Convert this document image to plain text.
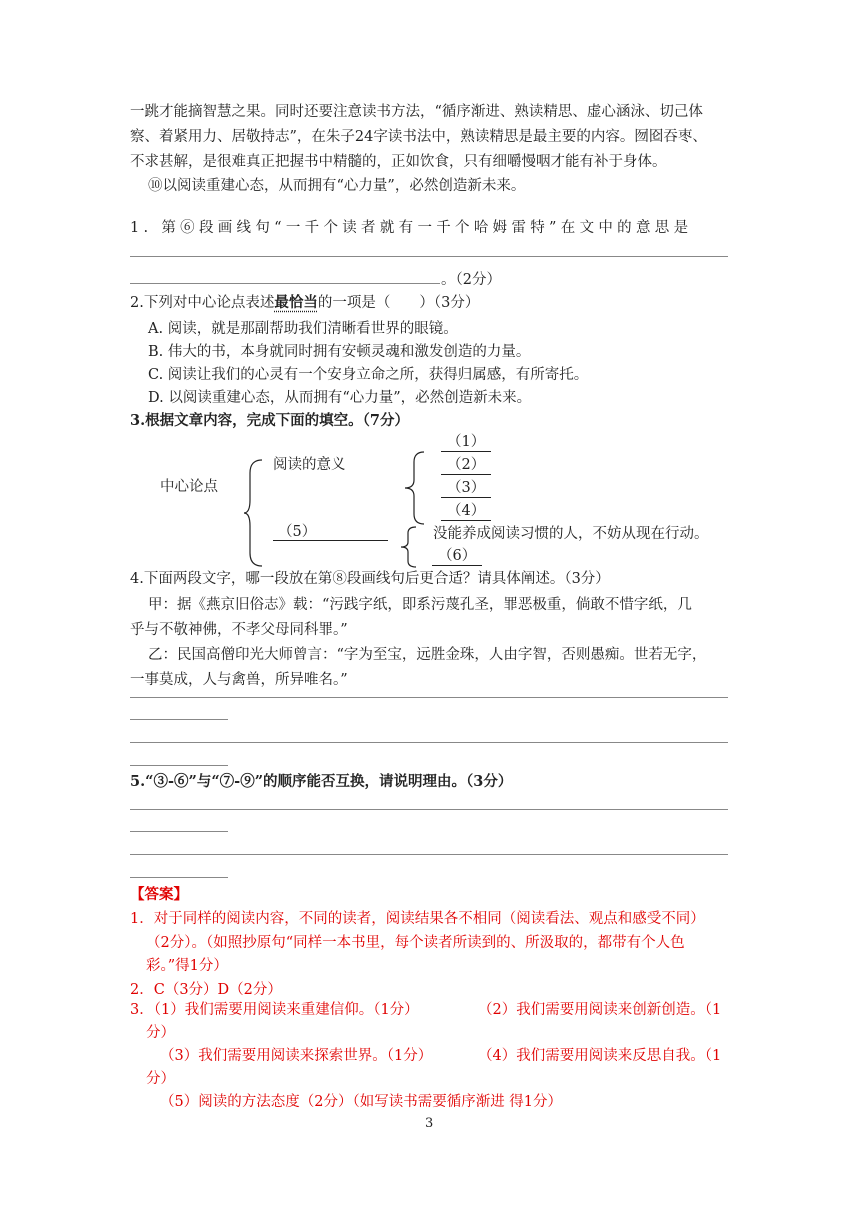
一跳才能摘智慧之果。同时还要注意读书方法，“循序渐进、熟读精思、虚心涵泳、切己体
察、着紧用力、居敬持志”，在朱子24字读书法中，熟读精思是最主要的内容。囫囵吞枣、
不求甚解，是很难真正把握书中精髓的，正如饮食，只有细嚼慢咽才能有补于身体。
⑩以阅读重建心态，从而拥有“心力量”，必然创造新未来。
1. 第⑥段画线句“一千个读者就有一千个哈姆雷特”在文中的意思是
。（2分）
2.下列对中心论点表述最恰当的一项是（　　）（3分）
A. 阅读，就是那副帮助我们清晰看世界的眼镜。
B. 伟大的书，本身就同时拥有安顿灵魂和激发创造的力量。
C. 阅读让我们的心灵有一个安身立命之所，获得归属感，有所寄托。
D. 以阅读重建心态，从而拥有“心力量”，必然创造新未来。
3.根据文章内容，完成下面的填空。（7分）
中心论点
阅读的意义
（5）
（1）
（2）
（3）
（4）
没能养成阅读习惯的人，不妨从现在行动。
（6）
4.下面两段文字，哪一段放在第⑧段画线句后更合适？请具体阐述。（3分）
甲：据《燕京旧俗志》载：“污践字纸，即系污蔑孔圣，罪恶极重，倘敢不惜字纸，几
乎与不敬神佛，不孝父母同科罪。”
乙：民国高僧印光大师曾言：“字为至宝，远胜金珠，人由字智，否则愚痴。世若无字，
一事莫成，人与禽兽，所异唯名。”
5.“③-⑥”与“⑦-⑨”的顺序能否互换，请说明理由。（3分）
【答案】
1．对于同样的阅读内容，不同的读者，阅读结果各不相同（阅读看法、观点和感受不同）
（2分）。（如照抄原句“同样一本书里，每个读者所读到的、所汲取的，都带有个人色
彩。”得1分）
2．C（3分）D（2分）
3．（1）我们需要用阅读来重建信仰。（1分）	（2）我们需要用阅读来创新创造。（1
分）
（3）我们需要用阅读来探索世界。（1分）	（4）我们需要用阅读来反思自我。（1
分）
（5）阅读的方法态度（2分）（如写读书需要循序渐进 得1分）
3
